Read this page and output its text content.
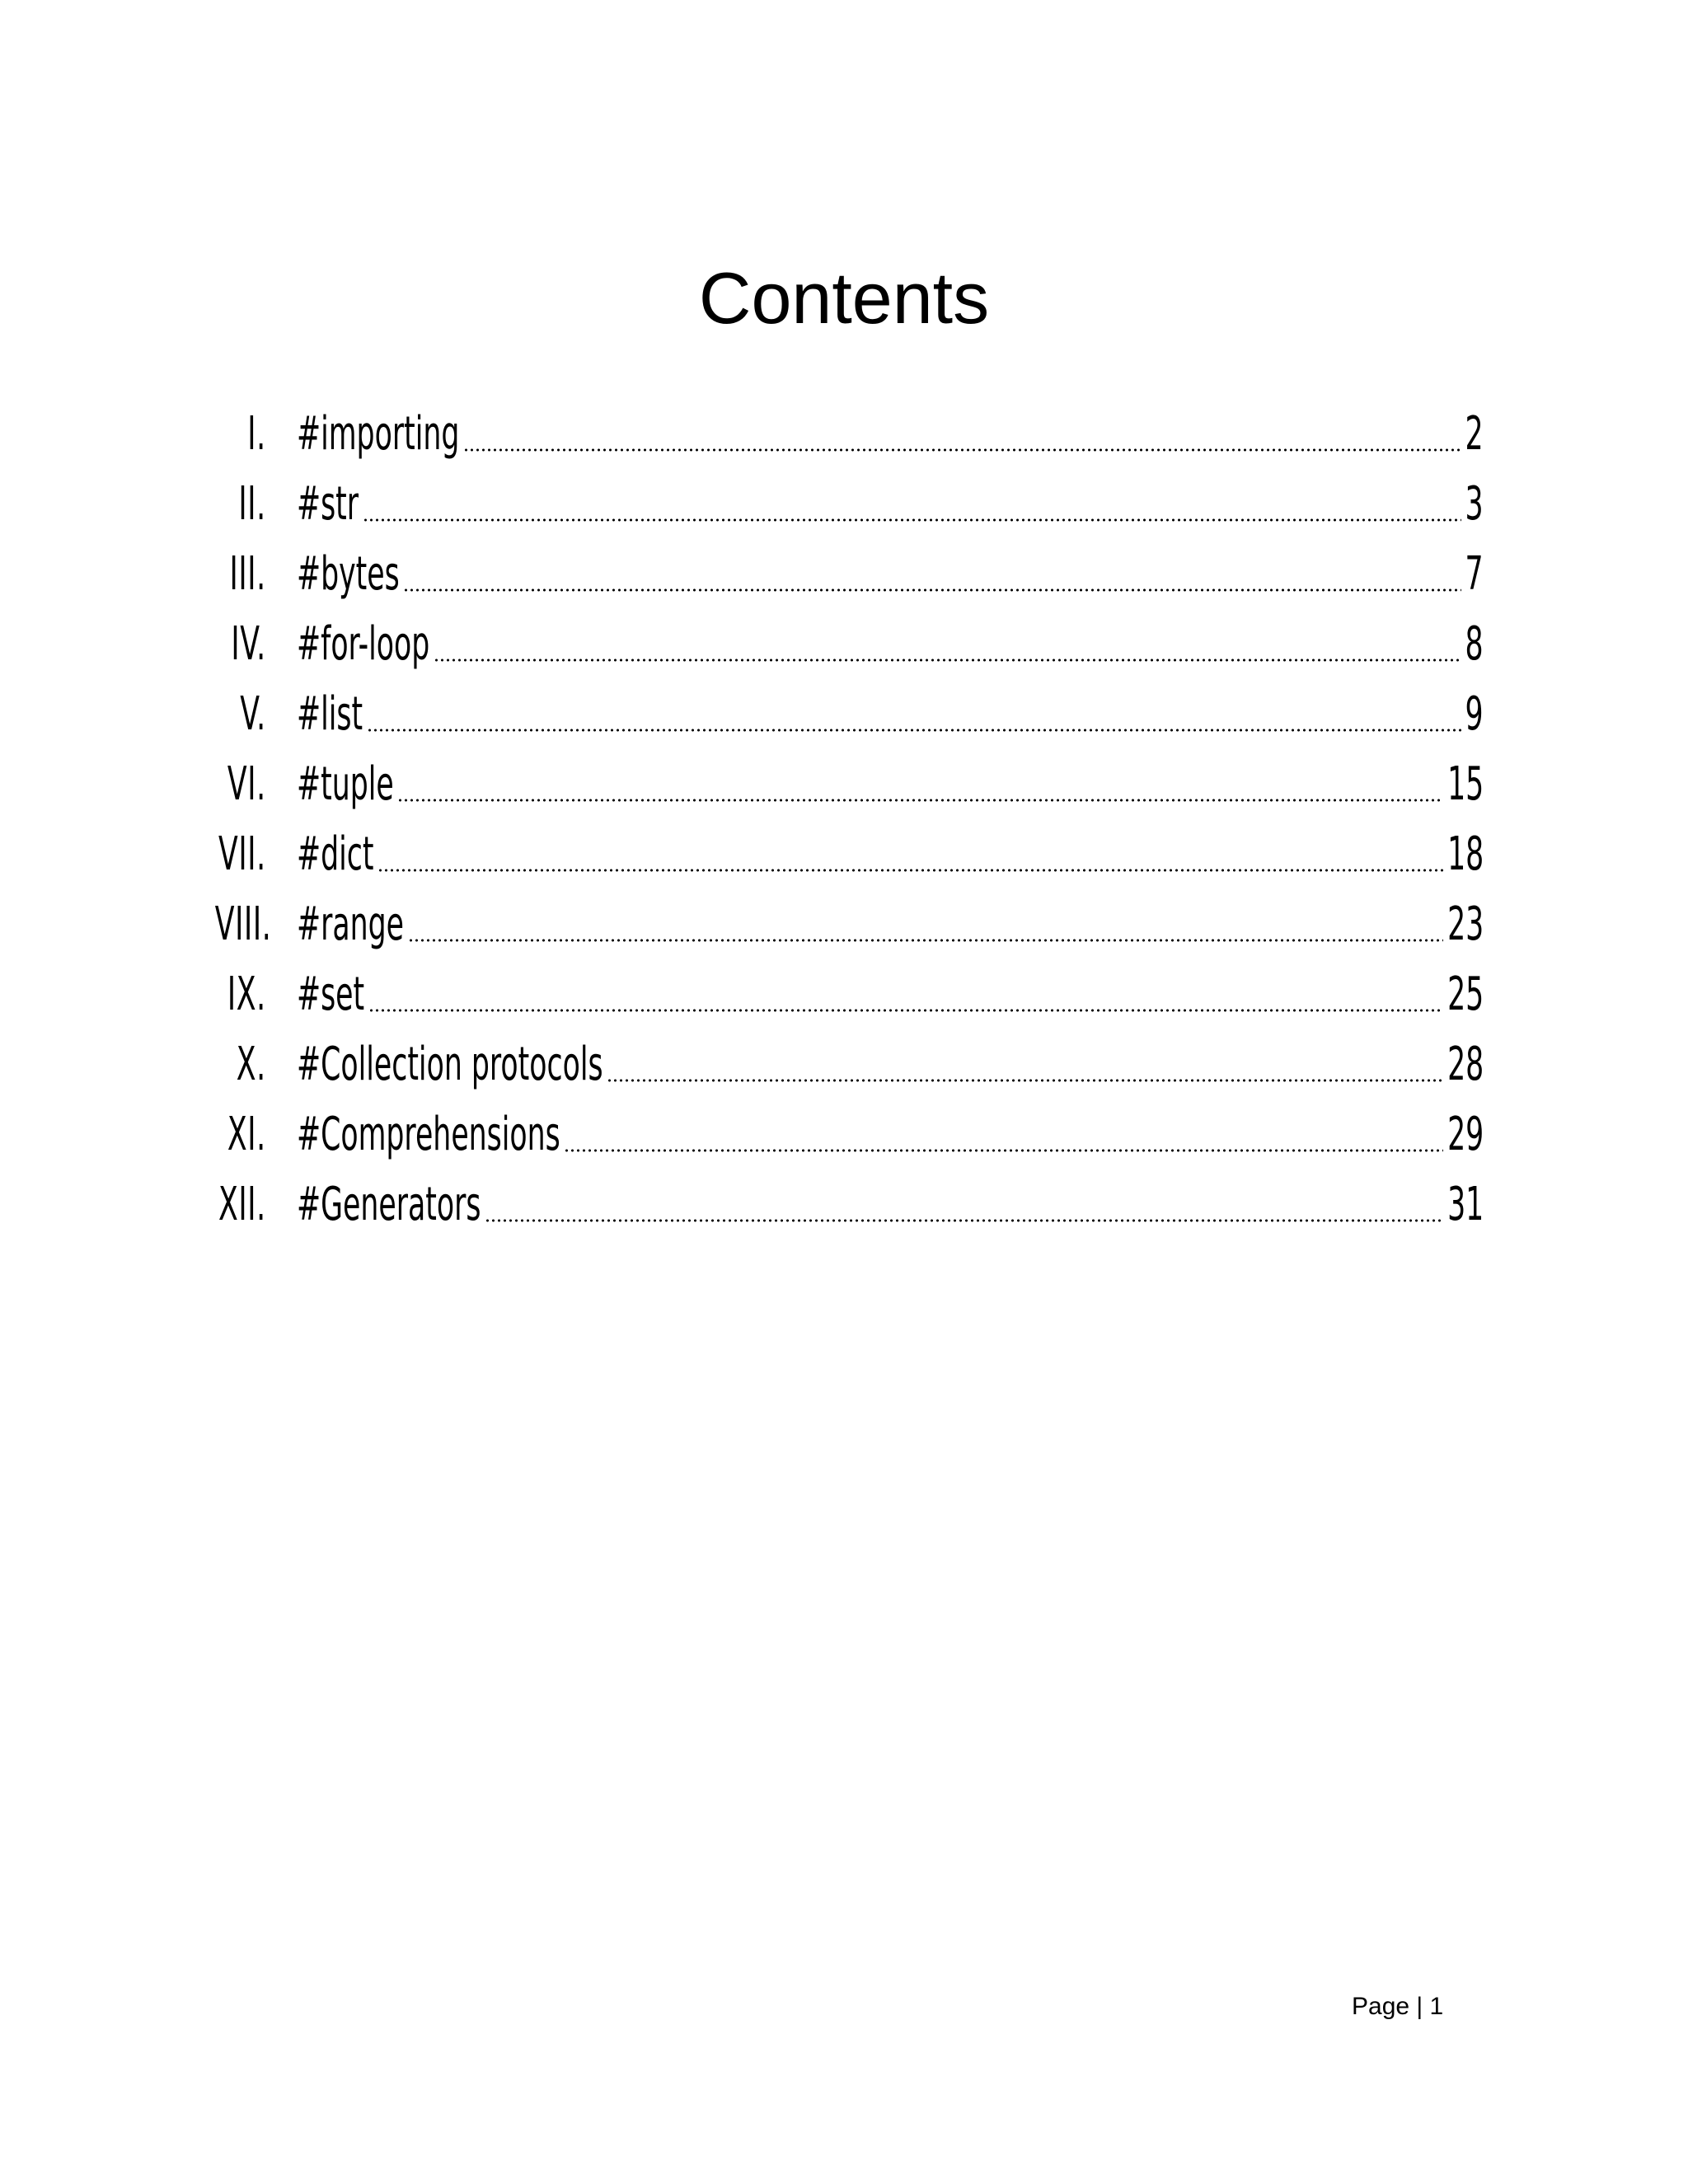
Contents
I. #importing	2
II. #str	3
III. #bytes	7
IV. #for-loop	8
V. #list	9
VI. #tuple	15
VII. #dict	18
VIII. #range	23
IX. #set	25
X. #Collection protocols	28
XI. #Comprehensions	29
XII. #Generators	31
Page | 1
